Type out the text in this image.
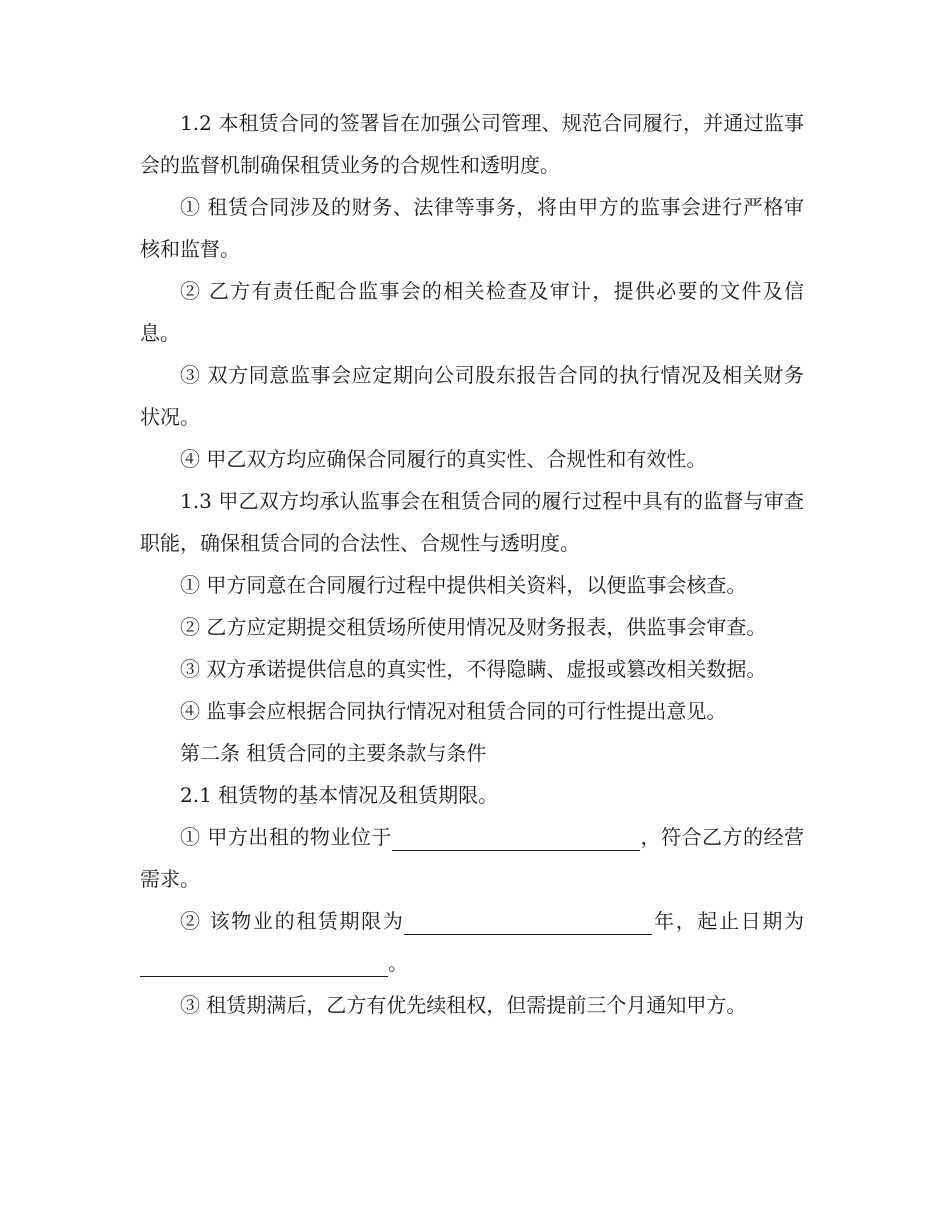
1.2 本租赁合同的签署旨在加强公司管理、规范合同履行，并通过监事会的监督机制确保租赁业务的合规性和透明度。

① 租赁合同涉及的财务、法律等事务，将由甲方的监事会进行严格审核和监督。

② 乙方有责任配合监事会的相关检查及审计，提供必要的文件及信息。

③ 双方同意监事会应定期向公司股东报告合同的执行情况及相关财务状况。

④ 甲乙双方均应确保合同履行的真实性、合规性和有效性。

1.3 甲乙双方均承认监事会在租赁合同的履行过程中具有的监督与审查职能，确保租赁合同的合法性、合规性与透明度。

① 甲方同意在合同履行过程中提供相关资料，以便监事会核查。

② 乙方应定期提交租赁场所使用情况及财务报表，供监事会审查。

③ 双方承诺提供信息的真实性，不得隐瞒、虚报或篡改相关数据。

④ 监事会应根据合同执行情况对租赁合同的可行性提出意见。

第二条 租赁合同的主要条款与条件

2.1 租赁物的基本情况及租赁期限。

① 甲方出租的物业位于	，符合乙方的经营需求。

② 该物业的租赁期限为	年，起止日期为。

③ 租赁期满后，乙方有优先续租权，但需提前三个月通知甲方。
